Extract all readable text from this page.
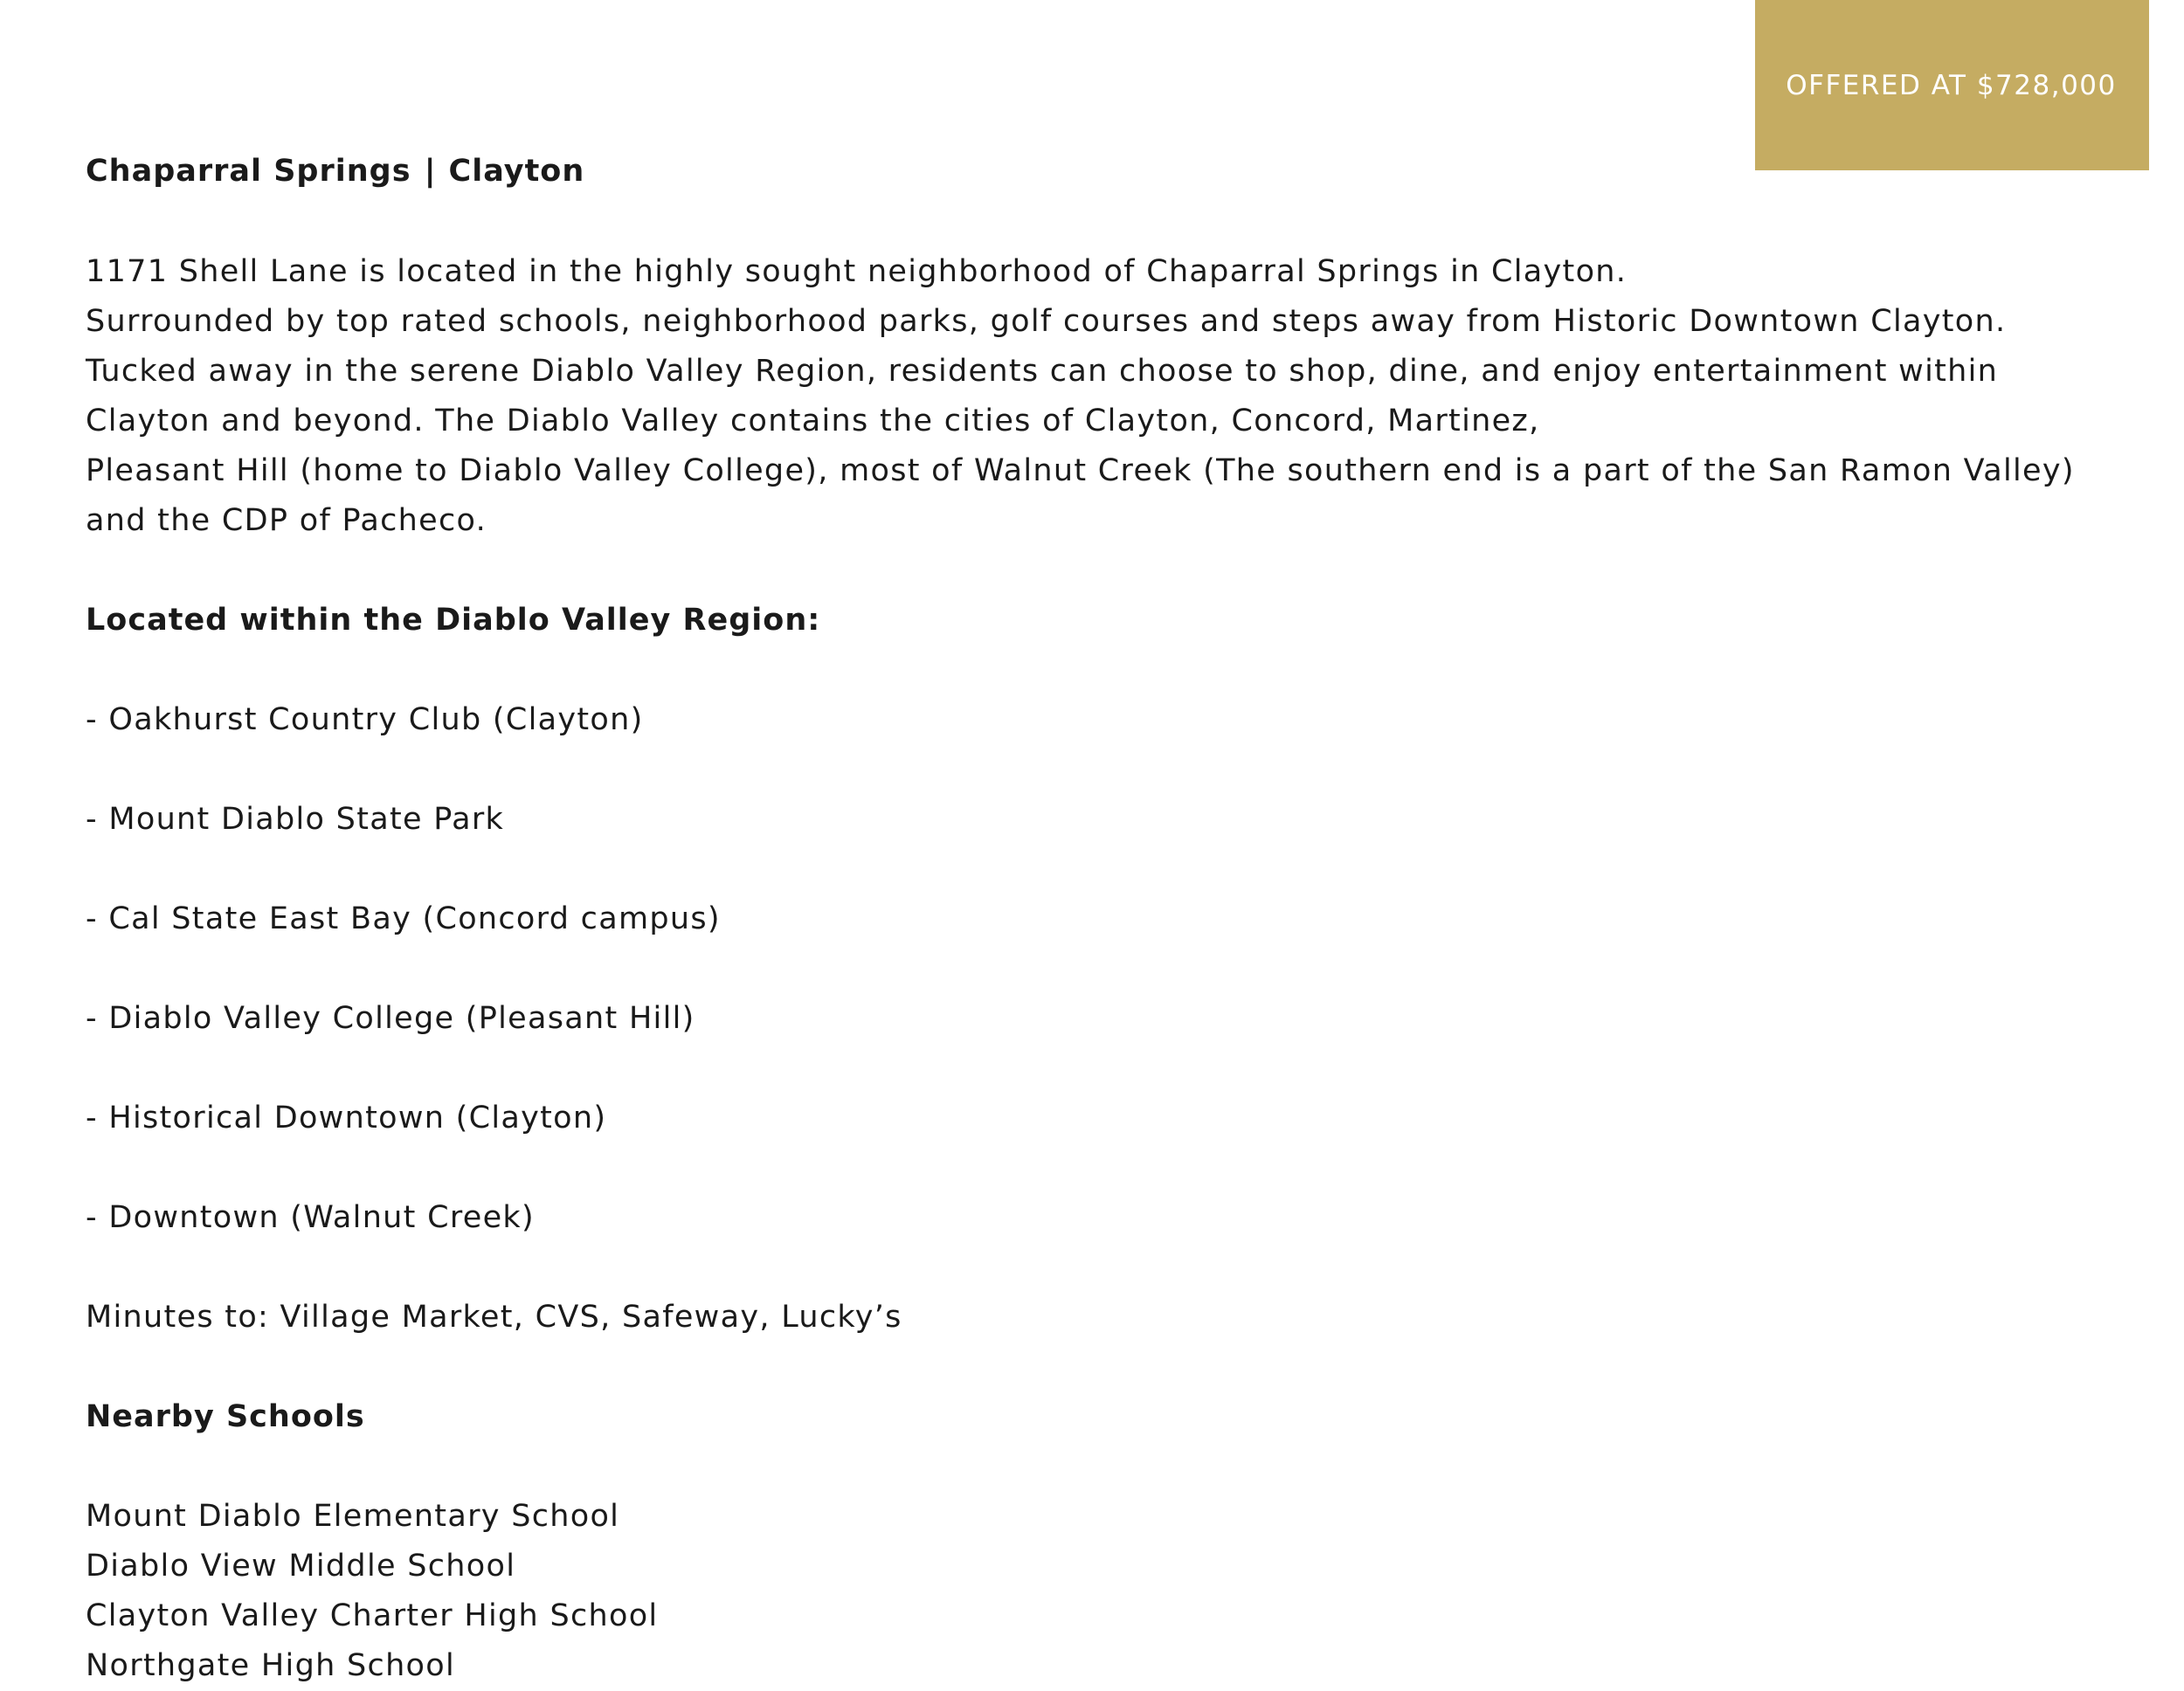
OFFERED AT $728,000
Chaparral Springs | Clayton
1171 Shell Lane is located in the highly sought neighborhood of Chaparral Springs in Clayton.
Surrounded by top rated schools, neighborhood parks, golf courses and steps away from Historic Downtown Clayton.
Tucked away in the serene Diablo Valley Region, residents can choose to shop, dine, and enjoy entertainment within
Clayton and beyond. The Diablo Valley contains the cities of Clayton, Concord, Martinez,
Pleasant Hill (home to Diablo Valley College), most of Walnut Creek (The southern end is a part of the San Ramon Valley)
and the CDP of Pacheco.
Located within the Diablo Valley Region:
- Oakhurst Country Club (Clayton)
- Mount Diablo State Park
- Cal State East Bay (Concord campus)
- Diablo Valley College (Pleasant Hill)
- Historical Downtown (Clayton)
- Downtown (Walnut Creek)
Minutes to: Village Market, CVS, Safeway, Lucky’s
Nearby Schools
Mount Diablo Elementary School
Diablo View Middle School
Clayton Valley Charter High School
Northgate High School
